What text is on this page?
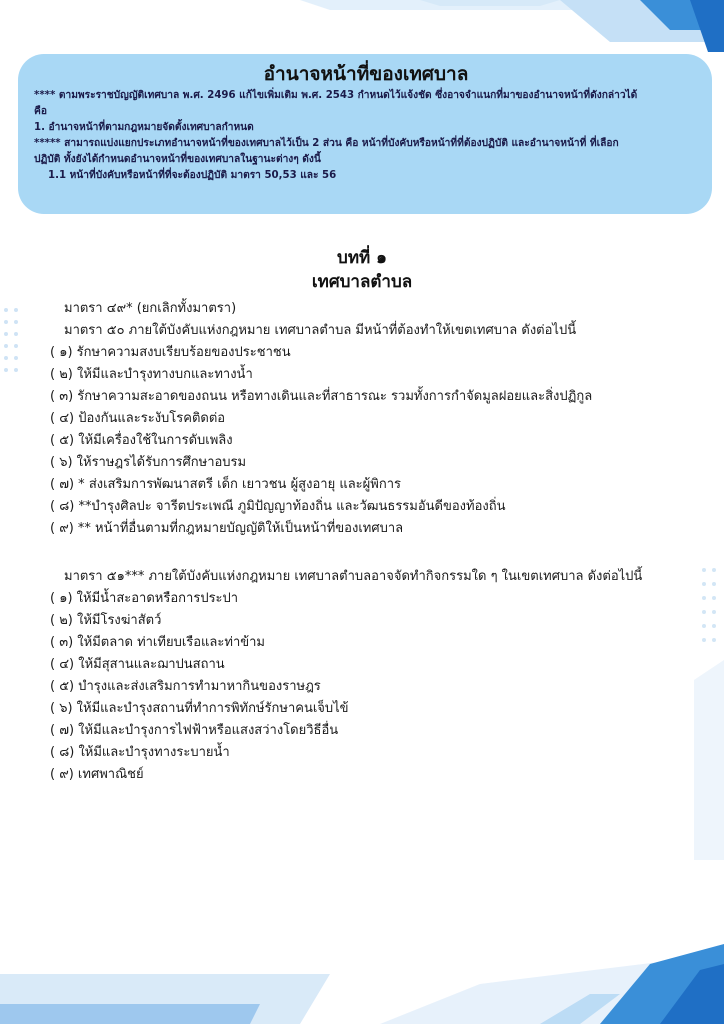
อำนาจหน้าที่ของเทศบาล
**** ตามพระราชบัญญัติเทศบาล พ.ศ. 2496 แก้ไขเพิ่มเติม พ.ศ. 2543 กำหนดไว้แจ้งชัด ซึ่งอาจจำแนกที่มาของอำนาจหน้าที่ดังกล่าวได้
คือ
1. อำนาจหน้าที่ตามกฎหมายจัดตั้งเทศบาลกำหนด
***** สามารถแบ่งแยกประเภทอำนาจหน้าที่ของเทศบาลไว้เป็น 2 ส่วน คือ หน้าที่บังคับหรือหน้าที่ที่ต้องปฏิบัติ และอำนาจหน้าที่ ที่เลือก
ปฏิบัติ ทั้งยังได้กำหนดอำนาจหน้าที่ของเทศบาลในฐานะต่างๆ ดังนี้
1.1 หน้าที่บังคับหรือหน้าที่ที่จะต้องปฏิบัติ มาตรา 50,53 และ 56
บทที่ ๑
เทศบาลตำบล
มาตรา ๔๙* (ยกเลิกทั้งมาตรา)
มาตรา ๕๐ ภายใต้บังคับแห่งกฎหมาย เทศบาลตำบล มีหน้าที่ต้องทำให้เขตเทศบาล ดังต่อไปนี้
( ๑) รักษาความสงบเรียบร้อยของประชาชน
( ๒) ให้มีและบำรุงทางบกและทางน้ำ
( ๓) รักษาความสะอาดของถนน หรือทางเดินและที่สาธารณะ รวมทั้งการกำจัดมูลฝอยและสิ่งปฏิกูล
( ๔) ป้องกันและระงับโรคติดต่อ
( ๕) ให้มีเครื่องใช้ในการดับเพลิง
( ๖) ให้ราษฎรได้รับการศึกษาอบรม
( ๗) * ส่งเสริมการพัฒนาสตรี เด็ก เยาวชน ผู้สูงอายุ และผู้พิการ
( ๘) **บำรุงศิลปะ จารีตประเพณี ภูมิปัญญาท้องถิ่น และวัฒนธรรมอันดีของท้องถิ่น
( ๙) ** หน้าที่อื่นตามที่กฎหมายบัญญัติให้เป็นหน้าที่ของเทศบาล
มาตรา ๕๑*** ภายใต้บังคับแห่งกฎหมาย เทศบาลตำบลอาจจัดทำกิจกรรมใด ๆ ในเขตเทศบาล ดังต่อไปนี้
( ๑) ให้มีน้ำสะอาดหรือการประปา
( ๒) ให้มีโรงฆ่าสัตว์
( ๓) ให้มีตลาด ท่าเทียบเรือและท่าข้าม
( ๔) ให้มีสุสานและฌาปนสถาน
( ๕) บำรุงและส่งเสริมการทำมาหากินของราษฎร
( ๖) ให้มีและบำรุงสถานที่ทำการพิทักษ์รักษาคนเจ็บไข้
( ๗) ให้มีและบำรุงการไฟฟ้าหรือแสงสว่างโดยวิธีอื่น
( ๘) ให้มีและบำรุงทางระบายน้ำ
( ๙) เทศพาณิชย์
